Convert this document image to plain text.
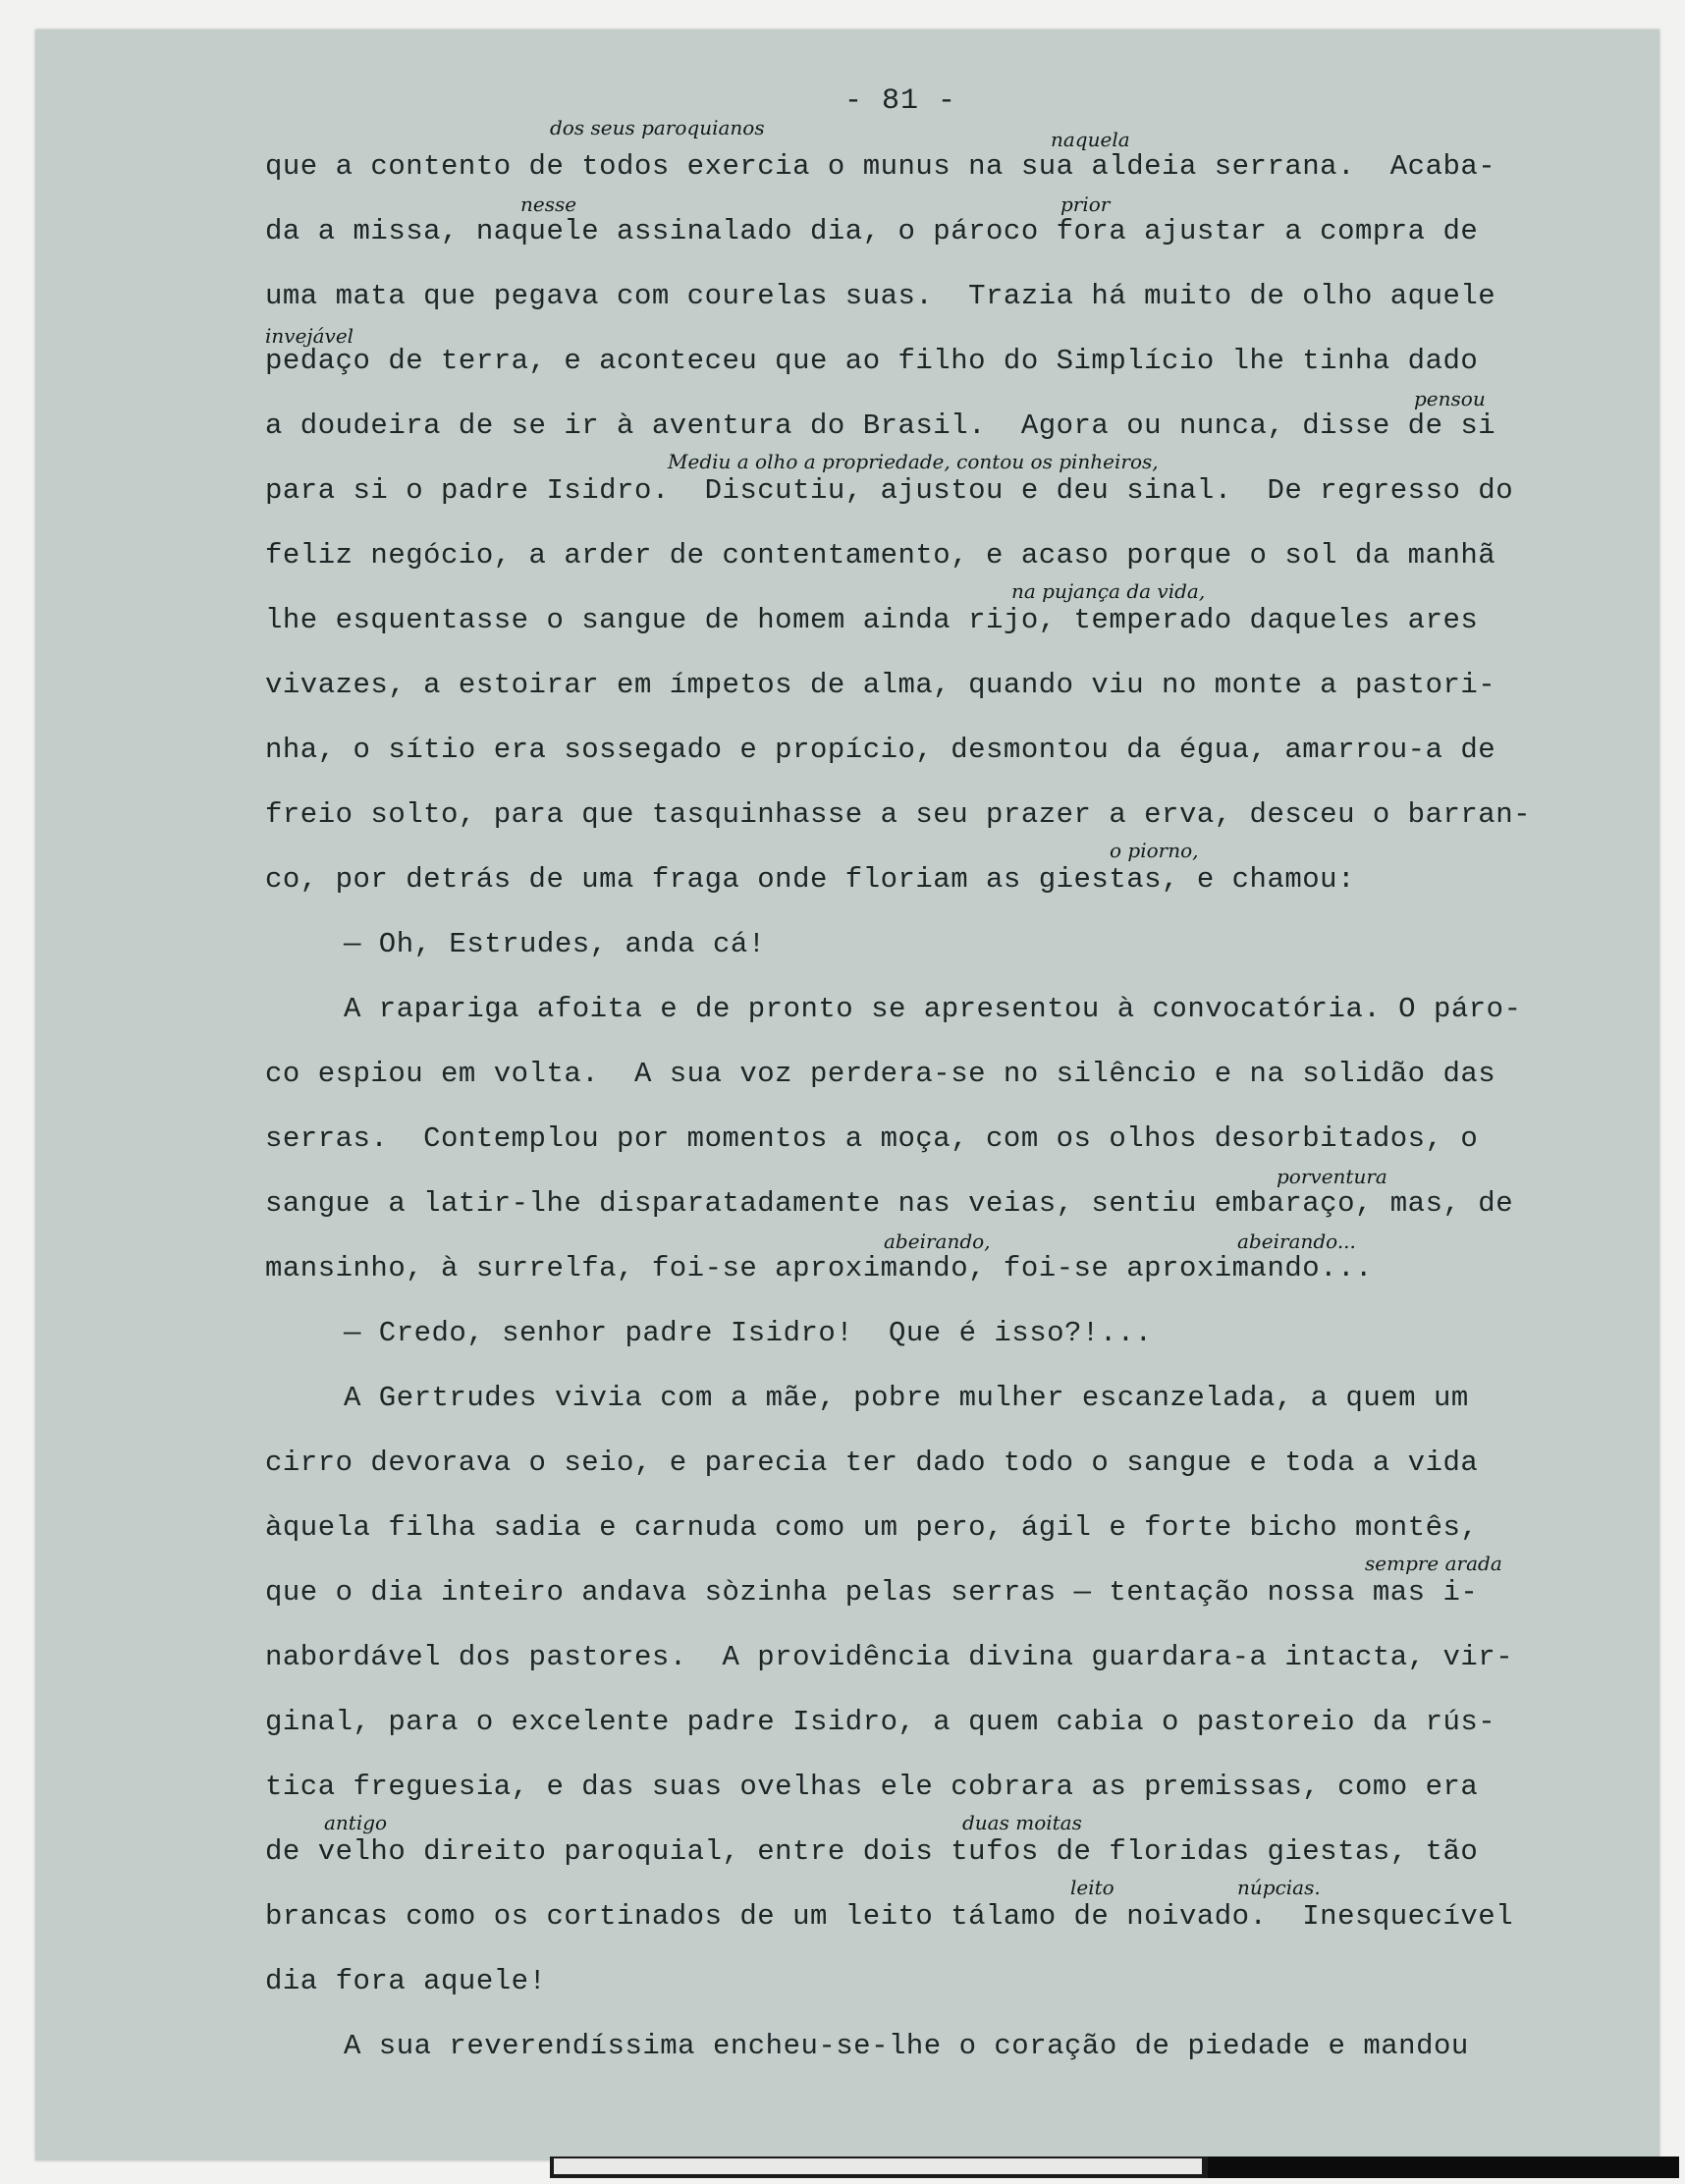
- 81 -
que a contento de todos exercia o munus na sua aldeia serrana.  Acaba-
da a missa, naquele assinalado dia, o pároco fora ajustar a compra de
uma mata que pegava com courelas suas.  Trazia há muito de olho aquele
pedaço de terra, e aconteceu que ao filho do Simplício lhe tinha dado
a doudeira de se ir à aventura do Brasil.  Agora ou nunca, disse de si
para si o padre Isidro.  Discutiu, ajustou e deu sinal.  De regresso do
feliz negócio, a arder de contentamento, e acaso porque o sol da manhã
lhe esquentasse o sangue de homem ainda rijo, temperado daqueles ares
vivazes, a estoirar em ímpetos de alma, quando viu no monte a pastori-
nha, o sítio era sossegado e propício, desmontou da égua, amarrou-a de
freio solto, para que tasquinhasse a seu prazer a erva, desceu o barran-
co, por detrás de uma fraga onde floriam as giestas, e chamou:
— Oh, Estrudes, anda cá!
A rapariga afoita e de pronto se apresentou à convocatória. O páro-
co espiou em volta.  A sua voz perdera-se no silêncio e na solidão das
serras.  Contemplou por momentos a moça, com os olhos desorbitados, o
sangue a latir-lhe disparatadamente nas veias, sentiu embaraço, mas, de
mansinho, à surrelfa, foi-se aproximando, foi-se aproximando...
— Credo, senhor padre Isidro!  Que é isso?!...
A Gertrudes vivia com a mãe, pobre mulher escanzelada, a quem um
cirro devorava o seio, e parecia ter dado todo o sangue e toda a vida
àquela filha sadia e carnuda como um pero, ágil e forte bicho montês,
que o dia inteiro andava sòzinha pelas serras — tentação nossa mas i-
nabordável dos pastores.  A providência divina guardara-a intacta, vir-
ginal, para o excelente padre Isidro, a quem cabia o pastoreio da rús-
tica freguesia, e das suas ovelhas ele cobrara as premissas, como era
de velho direito paroquial, entre dois tufos de floridas giestas, tão
brancas como os cortinados de um leito tálamo de noivado.  Inesquecível
dia fora aquele!
A sua reverendíssima encheu-se-lhe o coração de piedade e mandou
dos seus paroquianos	naquela
nesse	prior
invejável
pensou
Mediu a olho a propriedade, contou os pinheiros,
na pujança da vida,
o piorno,
porventura
abeirando,	abeirando...
sempre arada
antigo	duas moitas
leito	núpcias.
